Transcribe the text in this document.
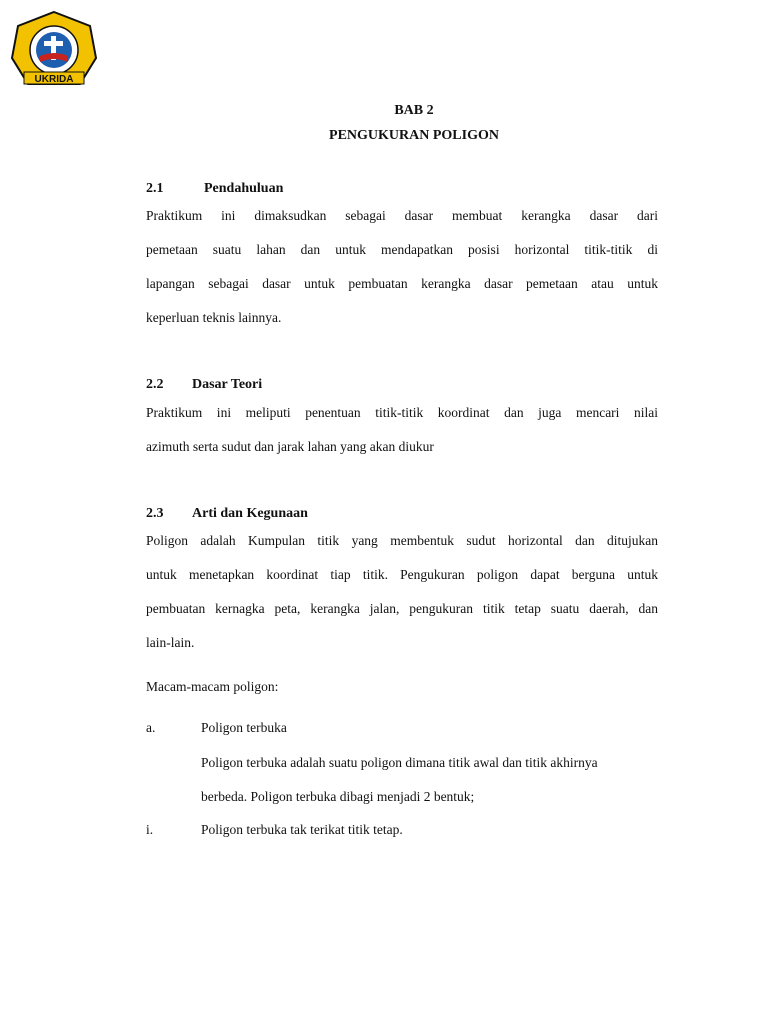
UKRIDA
BAB 2
PENGUKURAN POLIGON
2.1	Pendahuluan
Praktikum ini dimaksudkan sebagai dasar membuat kerangka dasar dari
pemetaan suatu lahan dan untuk mendapatkan posisi horizontal titik-titik di
lapangan sebagai dasar untuk pembuatan kerangka dasar pemetaan atau untuk
keperluan teknis lainnya.
2.2 Dasar Teori
Praktikum ini meliputi penentuan titik-titik koordinat dan juga mencari nilai
azimuth serta sudut dan jarak lahan yang akan diukur
2.3 Arti dan Kegunaan
Poligon adalah Kumpulan titik yang membentuk sudut horizontal dan ditujukan
untuk menetapkan koordinat tiap titik. Pengukuran poligon dapat berguna untuk
pembuatan kernagka peta, kerangka jalan, pengukuran titik tetap suatu daerah, dan
lain-lain.
Macam-macam poligon:
a.	Poligon terbuka
Poligon terbuka adalah suatu poligon dimana titik awal dan titik akhirnya
berbeda. Poligon terbuka dibagi menjadi 2 bentuk;
i.	Poligon terbuka tak terikat titik tetap.
